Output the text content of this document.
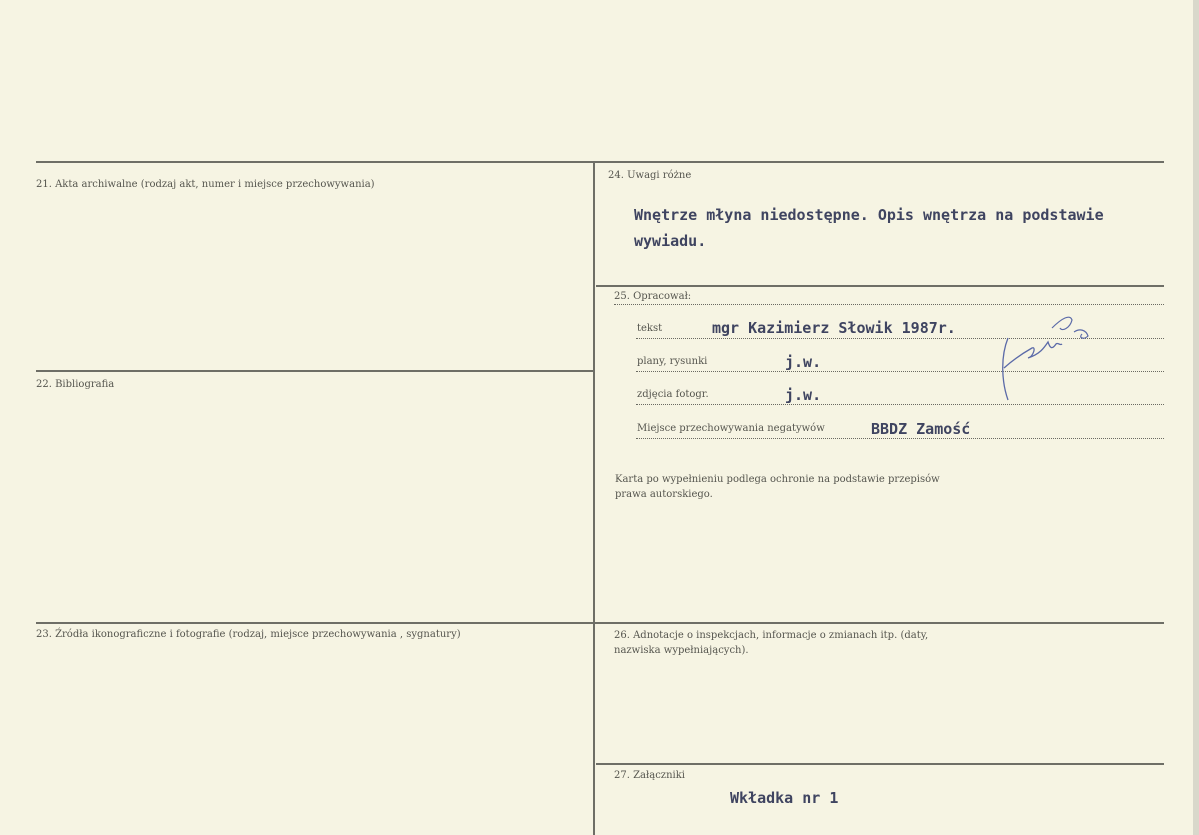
21. Akta archiwalne (rodzaj akt, numer i miejsce przechowywania)
22. Bibliografia
23. Źródła ikonograficzne i fotografie (rodzaj, miejsce przechowywania , sygnatury)
24. Uwagi różne
Wnętrze młyna niedostępne. Opis wnętrza na podstawie wywiadu.
25. Opracował:
tekst	mgr Kazimierz Słowik 1987r.
plany, rysunki	j.w.
zdjęcia fotogr.	j.w.
Miejsce przechowywania negatywów	BBDZ Zamość
Karta po wypełnieniu podlega ochronie na podstawie przepisów
prawa autorskiego.
26. Adnotacje o inspekcjach, informacje o zmianach itp. (daty,
nazwiska wypełniających).
27. Załączniki
Wkładka nr 1
